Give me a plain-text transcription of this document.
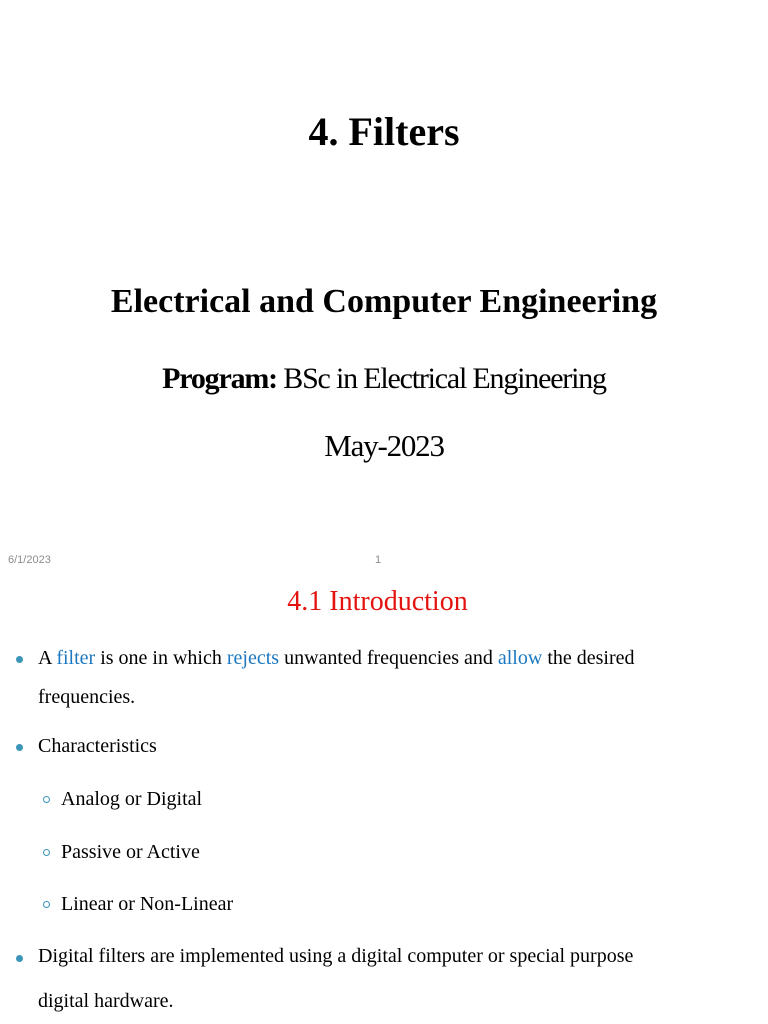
4. Filters
Electrical and Computer Engineering
Program: BSc in Electrical Engineering
May-2023
6/1/2023	1
4.1 Introduction
A filter is one in which rejects unwanted frequencies and allow the desired
frequencies.
Characteristics
Analog or Digital
Passive or Active
Linear or Non-Linear
Digital filters are implemented using a digital computer or special purpose
digital hardware.
